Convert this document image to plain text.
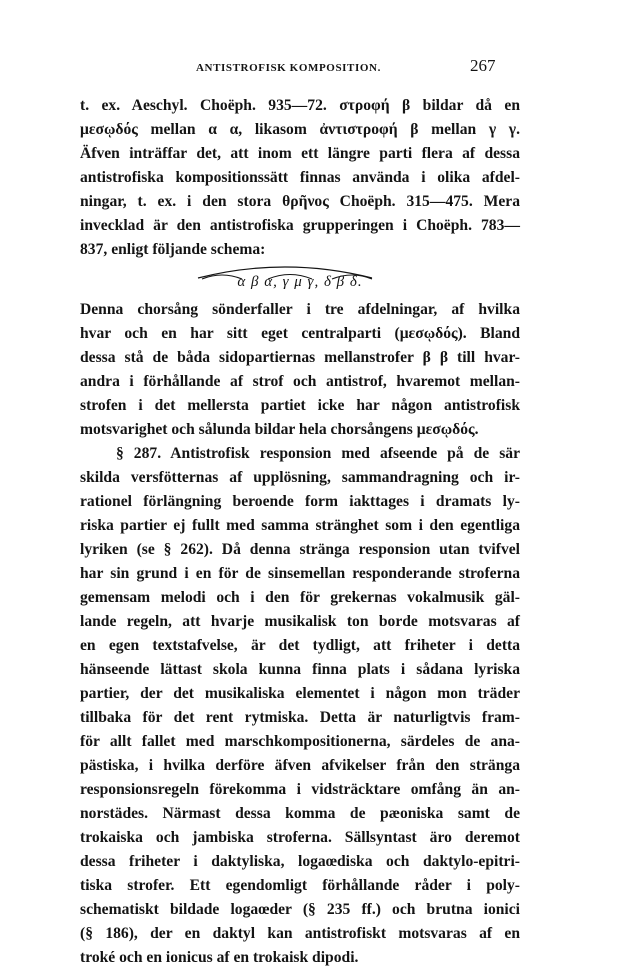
ANTISTROFISK KOMPOSITION.	267
t. ex. Aeschyl. Choëph. 935—72. στροφή β bildar då en
μεσῳδός mellan α α, likasom ἀντιστροφή β mellan γ γ.
Äfven inträffar det, att inom ett längre parti flera af dessa
antistrofiska kompositionssätt finnas använda i olika afdel-
ningar, t. ex. i den stora θρῆνος Choëph. 315—475. Mera
invecklad är den antistrofiska grupperingen i Choëph. 783—
837, enligt följande schema:
α β α, γ μ γ, δ β δ.
Denna chorsång sönderfaller i tre afdelningar, af hvilka
hvar och en har sitt eget centralparti (μεσῳδός). Bland
dessa stå de båda sidopartiernas mellanstrofer β β till hvar-
andra i förhållande af strof och antistrof, hvaremot mellan-
strofen i det mellersta partiet icke har någon antistrofisk
motsvarighet och sålunda bildar hela chorsångens μεσῳδός.
§ 287. Antistrofisk responsion med afseende på de sär
skilda versfötternas af upplösning, sammandragning och ir-
rationel förlängning beroende form iakttages i dramats ly-
riska partier ej fullt med samma stränghet som i den egentliga
lyriken (se § 262). Då denna stränga responsion utan tvifvel
har sin grund i en för de sinsemellan responderande stroferna
gemensam melodi och i den för grekernas vokalmusik gäl-
lande regeln, att hvarje musikalisk ton borde motsvaras af
en egen textstafvelse, är det tydligt, att friheter i detta
hänseende lättast skola kunna finna plats i sådana lyriska
partier, der det musikaliska elementet i någon mon träder
tillbaka för det rent rytmiska. Detta är naturligtvis fram-
för allt fallet med marschkompositionerna, särdeles de ana-
pästiska, i hvilka derföre äfven afvikelser från den stränga
responsionsregeln förekomma i vidsträcktare omfång än an-
norstädes. Närmast dessa komma de pæoniska samt de
trokaiska och jambiska stroferna. Sällsyntast äro deremot
dessa friheter i daktyliska, logaœdiska och daktylo-epitri-
tiska strofer. Ett egendomligt förhållande råder i poly-
schematiskt bildade logaœder (§ 235 ff.) och brutna ionici
(§ 186), der en daktyl kan antistrofiskt motsvaras af en
troké och en ionicus af en trokaisk dipodi.
